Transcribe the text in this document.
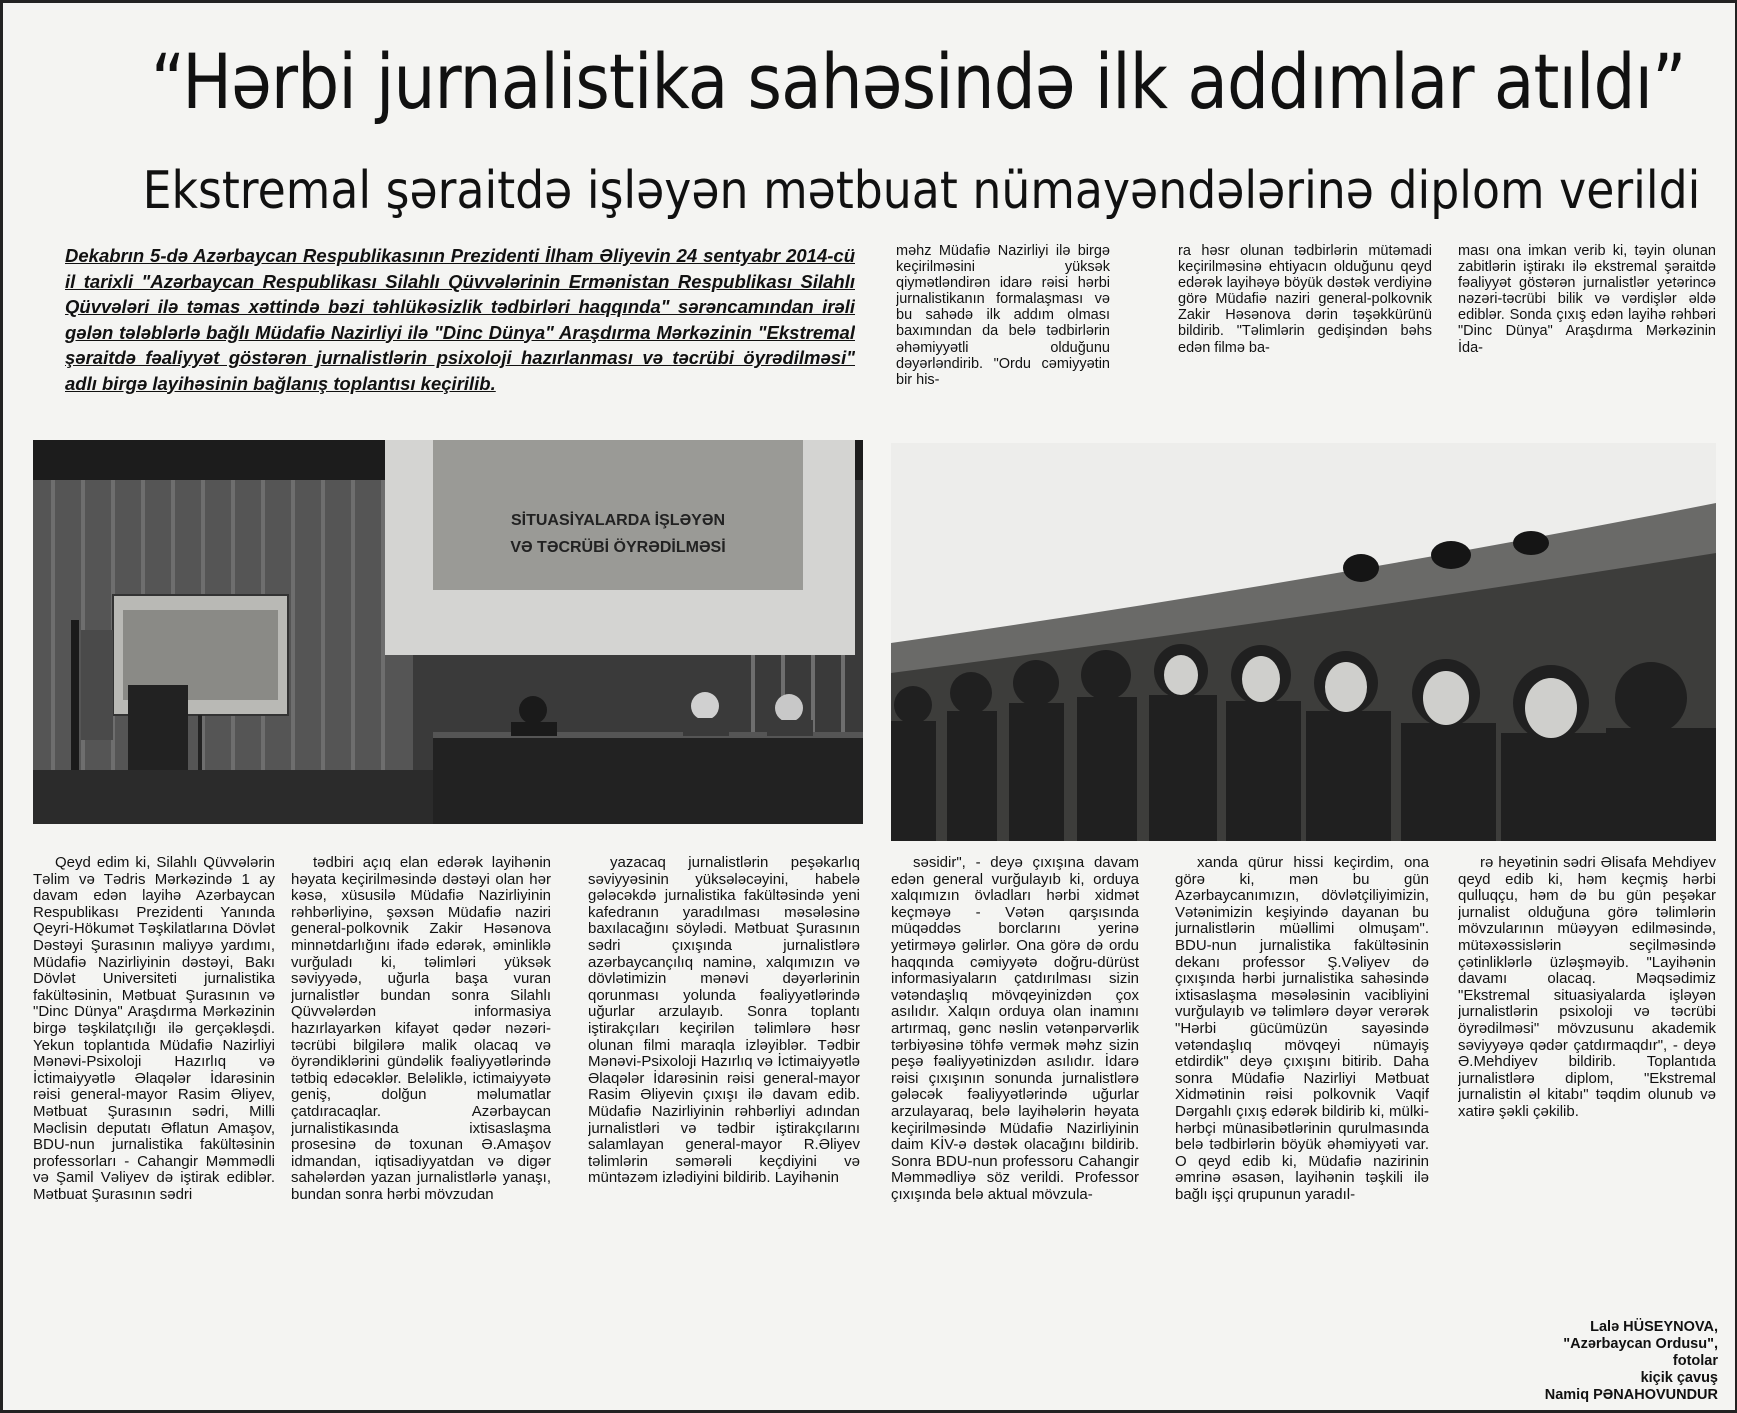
“Hərbi jurnalistika sahəsində ilk addımlar atıldı”
Ekstremal şəraitdə işləyən mətbuat nümayəndələrinə diplom verildi

Dekabrın 5-də Azərbaycan Respublikasının Prezidenti İlham Əliyevin 24 sentyabr 2014-cü il tarixli "Azərbaycan Respublikası Silahlı Qüvvələrinin Ermənistan Respublikası Silahlı Qüvvələri ilə təmas xəttində bəzi təhlükəsizlik tədbirləri haqqında" sərəncamından irəli gələn tələblərlə bağlı Müdafiə Nazirliyi ilə "Dinc Dünya" Araşdırma Mərkəzinin "Ekstremal şəraitdə fəaliyyət göstərən jurnalistlərin psixoloji hazırlanması və təcrübi öyrədilməsi" adlı birgə layihəsinin bağlanış toplantısı keçirilib.

məhz Müdafiə Nazirliyi ilə birgə keçirilməsini yüksək qiymətləndirən idarə rəisi hərbi jurnalistikanın formalaşması və bu sahədə ilk addım olması baxımından da belə tədbirlərin əhəmiyyətli olduğunu dəyərləndirib. "Ordu cəmiyyətin bir his-

ra həsr olunan tədbirlərin mütəmadi keçirilməsinə ehtiyacın olduğunu qeyd edərək layihəyə böyük dəstək verdiyinə görə Müdafiə naziri general-polkovnik Zakir Həsənova dərin təşəkkürünü bildirib. "Təlimlərin gedişindən bəhs edən filmə ba-

ması ona imkan verib ki, təyin olunan zabitlərin iştirakı ilə ekstremal şəraitdə fəaliyyət göstərən jurnalistlər yetərincə nəzəri-təcrübi bilik və vərdişlər əldə ediblər. Sonda çıxış edən layihə rəhbəri "Dinc Dünya" Araşdırma Mərkəzinin İda-

SİTUASİYALARDA İŞLƏYƏN
VƏ TƏCRÜBİ ÖYRƏDİLMƏSİ

Qeyd edim ki, Silahlı Qüvvələrin Təlim və Tədris Mərkəzində 1 ay davam edən layihə Azərbaycan Respublikası Prezidenti Yanında Qeyri-Hökumət Təşkilatlarına Dövlət Dəstəyi Şurasının maliyyə yardımı, Müdafiə Nazirliyinin dəstəyi, Bakı Dövlət Universiteti jurnalistika fakültəsinin, Mətbuat Şurasının və "Dinc Dünya" Araşdırma Mərkəzinin birgə təşkilatçılığı ilə gerçəkləşdi. Yekun toplantıda Müdafiə Nazirliyi Mənəvi-Psixoloji Hazırlıq və İctimaiyyətlə Əlaqələr İdarəsinin rəisi general-mayor Rasim Əliyev, Mətbuat Şurasının sədri, Milli Məclisin deputatı Əflatun Amaşov, BDU-nun jurnalistika fakültəsinin professorları - Cahangir Məmmədli və Şamil Vəliyev də iştirak ediblər. Mətbuat Şurasının sədri

tədbiri açıq elan edərək layihənin həyata keçirilməsində dəstəyi olan hər kəsə, xüsusilə Müdafiə Nazirliyinin rəhbərliyinə, şəxsən Müdafiə naziri general-polkovnik Zakir Həsənova minnətdarlığını ifadə edərək, əminliklə vurğuladı ki, təlimləri yüksək səviyyədə, uğurla başa vuran jurnalistlər bundan sonra Silahlı Qüvvələrdən informasiya hazırlayarkən kifayət qədər nəzəri-təcrübi bilgilərə malik olacaq və öyrəndiklərini gündəlik fəaliyyətlərində tətbiq edəcəklər. Beləliklə, ictimaiyyətə geniş, dolğun məlumatlar çatdıracaqlar. Azərbaycan jurnalistikasında ixtisaslaşma prosesinə də toxunan Ə.Amaşov idmandan, iqtisadiyyatdan və digər sahələrdən yazan jurnalistlərlə yanaşı, bundan sonra hərbi mövzudan

yazacaq jurnalistlərin peşəkarlıq səviyyəsinin yüksələcəyini, habelə gələcəkdə jurnalistika fakültəsində yeni kafedranın yaradılması məsələsinə baxılacağını söylədi. Mətbuat Şurasının sədri çıxışında jurnalistlərə azərbaycançılıq naminə, xalqımızın və dövlətimizin mənəvi dəyərlərinin qorunması yolunda fəaliyyətlərində uğurlar arzulayıb. Sonra toplantı iştirakçıları keçirilən təlimlərə həsr olunan filmi maraqla izləyiblər. Tədbir Mənəvi-Psixoloji Hazırlıq və İctimaiyyətlə Əlaqələr İdarəsinin rəisi general-mayor Rasim Əliyevin çıxışı ilə davam edib. Müdafiə Nazirliyinin rəhbərliyi adından jurnalistləri və tədbir iştirakçılarını salamlayan general-mayor R.Əliyev təlimlərin səmərəli keçdiyini və müntəzəm izlədiyini bildirib. Layihənin

səsidir", - deyə çıxışına davam edən general vurğulayıb ki, orduya xalqımızın övladları hərbi xidmət keçməyə - Vətən qarşısında müqəddəs borclarını yerinə yetirməyə gəlirlər. Ona görə də ordu haqqında cəmiyyətə doğru-dürüst informasiyaların çatdırılması sizin vətəndaşlıq mövqeyinizdən çox asılıdır. Xalqın orduya olan inamını artırmaq, gənc nəslin vətənpərvərlik tərbiyəsinə töhfə vermək məhz sizin peşə fəaliyyətinizdən asılıdır. İdarə rəisi çıxışının sonunda jurnalistlərə gələcək fəaliyyətlərində uğurlar arzulayaraq, belə layihələrin həyata keçirilməsində Müdafiə Nazirliyinin daim KİV-ə dəstək olacağını bildirib. Sonra BDU-nun professoru Cahangir Məmmədliyə söz verildi. Professor çıxışında belə aktual mövzula-

xanda qürur hissi keçirdim, ona görə ki, mən bu gün Azərbaycanımızın, dövlətçiliyimizin, Vətənimizin keşiyində dayanan bu jurnalistlərin müəllimi olmuşam". BDU-nun jurnalistika fakültəsinin dekanı professor Ş.Vəliyev də çıxışında hərbi jurnalistika sahəsində ixtisaslaşma məsələsinin vacibliyini vurğulayıb və təlimlərə dəyər verərək "Hərbi gücümüzün sayəsində vətəndaşlıq mövqeyi nümayiş etdirdik" deyə çıxışını bitirib. Daha sonra Müdafiə Nazirliyi Mətbuat Xidmətinin rəisi polkovnik Vaqif Dərgahlı çıxış edərək bildirib ki, mülki-hərbçi münasibətlərinin qurulmasında belə tədbirlərin böyük əhəmiyyəti var. O qeyd edib ki, Müdafiə nazirinin əmrinə əsasən, layihənin təşkili ilə bağlı işçi qrupunun yaradıl-

rə heyətinin sədri Əlisafa Mehdiyev qeyd edib ki, həm keçmiş hərbi qulluqçu, həm də bu gün peşəkar jurnalist olduğuna görə təlimlərin mövzularının müəyyən edilməsində, mütəxəssislərin seçilməsində çətinliklərlə üzləşməyib. "Layihənin davamı olacaq. Məqsədimiz "Ekstremal situasiyalarda işləyən jurnalistlərin psixoloji və təcrübi öyrədilməsi" mövzusunu akademik səviyyəyə qədər çatdırmaqdır", - deyə Ə.Mehdiyev bildirib. Toplantıda jurnalistlərə diplom, "Ekstremal jurnalistin əl kitabı" təqdim olunub və xatirə şəkli çəkilib.

Lalə HÜSEYNOVA,
"Azərbaycan Ordusu",
fotolar
kiçik çavuş
Namiq PƏNAHOVUNDUR
